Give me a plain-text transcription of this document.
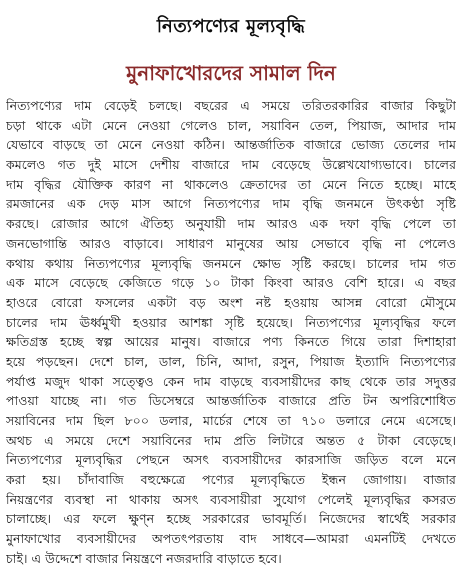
নিত্যপণ্যের মূল্যবৃদ্ধি
মুনাফাখোরদের সামাল দিন
নিত্যপণ্যের দাম বেড়েই চলছে। বছরের এ সময়ে তরিতরকারির বাজার কিছুটা
চড়া থাকে এটা মেনে নেওয়া গেলেও চাল, সয়াবিন তেল, পিয়াজ, আদার দাম
যেভাবে বাড়ছে তা মেনে নেওয়া কঠিন। আন্তর্জাতিক বাজারে ভোজ্য তেলের দাম
কমলেও গত দুই মাসে দেশীয় বাজারে দাম বেড়েছে উল্লেখযোগ্যভাবে। চালের
দাম বৃদ্ধির যৌক্তিক কারণ না থাকলেও ক্রেতাদের তা মেনে নিতে হচ্ছে। মাহে
রমজানের এক দেড় মাস আগে নিত্যপণ্যের দাম বৃদ্ধি জনমনে উৎকণ্ঠা সৃষ্টি
করছে। রোজার আগে ঐতিহ্য অনুযায়ী দাম আরও এক দফা বৃদ্ধি পেলে তা
জনভোগান্তি আরও বাড়াবে। সাধারণ মানুষের আয় সেভাবে বৃদ্ধি না পেলেও
কথায় কথায় নিত্যপণ্যের মূল্যবৃদ্ধি জনমনে ক্ষোভ সৃষ্টি করছে। চালের দাম গত
এক মাসে বেড়েছে কেজিতে গড়ে ১০ টাকা কিংবা আরও বেশি হারে। এ বছর
হাওরে বোরো ফসলের একটা বড় অংশ নষ্ট হওয়ায় আসন্ন বোরো মৌসুমে
চালের দাম ঊর্ধ্বমুখী হওয়ার আশঙ্কা সৃষ্টি হয়েছে। নিত্যপণ্যের মূল্যবৃদ্ধির ফলে
ক্ষতিগ্রস্ত হচ্ছে স্বল্প আয়ের মানুষ। বাজারে পণ্য কিনতে গিয়ে তারা দিশাহারা
হয়ে পড়ছেন। দেশে চাল, ডাল, চিনি, আদা, রসুন, পিয়াজ ইত্যাদি নিত্যপণ্যের
পর্যাপ্ত মজুদ থাকা সত্ত্বেও কেন দাম বাড়ছে ব্যবসায়ীদের কাছ থেকে তার সদুত্তর
পাওয়া যাচ্ছে না। গত ডিসেম্বরে আন্তর্জাতিক বাজারে প্রতি টন অপরিশোধিত
সয়াবিনের দাম ছিল ৮০০ ডলার, মার্চের শেষে তা ৭১০ ডলারে নেমে এসেছে।
অথচ এ সময়ে দেশে সয়াবিনের দাম প্রতি লিটারে অন্তত ৫ টাকা বেড়েছে।
নিত্যপণ্যের মূল্যবৃদ্ধির পেছনে অসৎ ব্যবসায়ীদের কারসাজি জড়িত বলে মনে
করা হয়। চাঁদাবাজি বহুক্ষেত্রে পণ্যের মূল্যবৃদ্ধিতে ইন্ধন জোগায়। বাজার
নিয়ন্ত্রণের ব্যবস্থা না থাকায় অসৎ ব্যবসায়ীরা সুযোগ পেলেই মূল্যবৃদ্ধির কসরত
চালাচ্ছে। এর ফলে ক্ষুণ্ন হচ্ছে সরকারের ভাবমূর্তি। নিজেদের স্বার্থেই সরকার
মুনাফাখোর ব্যবসায়ীদের অপতৎপরতায় বাদ সাধবে—আমরা এমনটিই দেখতে
চাই। এ উদ্দেশে বাজার নিয়ন্ত্রণে নজরদারি বাড়াতে হবে।
